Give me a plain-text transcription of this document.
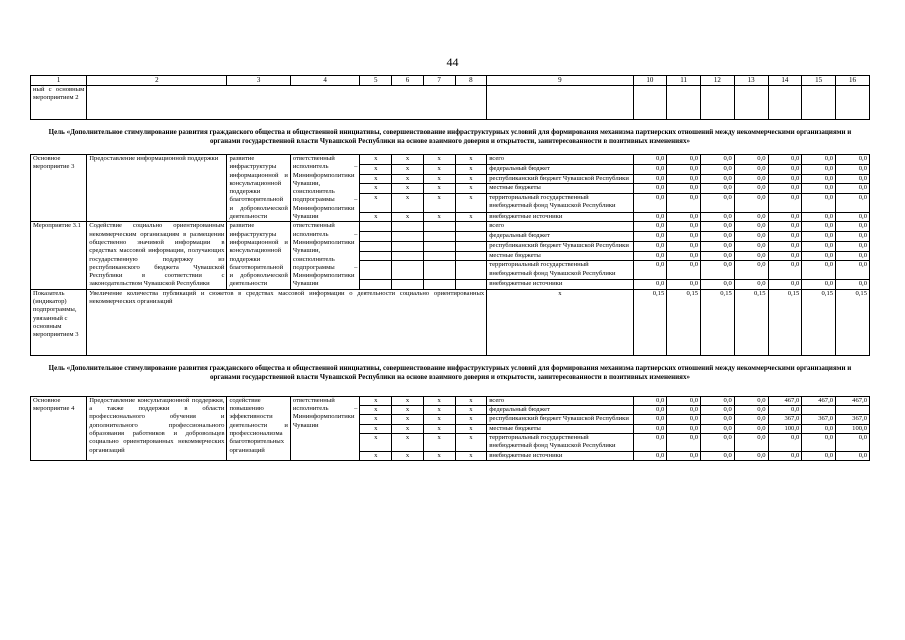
44
1	2	3	4	5	6	7	8	9	10	11	12	13	14	15	16
ный с основным мероприятием 2															
Цель «Дополнительное стимулирование развития гражданского общества и общественной инициативы, совершенствование инфраструктурных условий для формирования механизма партнерских отношений между некоммерческими организациями и органами государственной власти Чувашской Республики на основе взаимного доверия и открытости, заинтересованности в позитивных изменениях»															
Основное мероприятие 3	Предоставление информационной поддержки	развитие инфраструктуры информационной и консультационной поддержки благотворительной и добровольческой деятельности	ответственный исполнитель – Мининформполитики Чувашии, соисполнитель подпрограммы – Мининформполитики Чувашии	x	x	x	x	всего	0,0	0,0	0,0	0,0	0,0	0,0	0,0
				x	x	x	x	федеральный бюджет	0,0	0,0	0,0	0,0	0,0	0,0	0,0
				x	x	x	x	республиканский бюджет Чувашской Республики	0,0	0,0	0,0	0,0	0,0	0,0	0,0
				x	x	x	x	местные бюджеты	0,0	0,0	0,0	0,0	0,0	0,0	0,0
				x	x	x	x	территориальный государственный внебюджетный фонд Чувашской Республики	0,0	0,0	0,0	0,0	0,0	0,0	0,0
				x	x	x	x	внебюджетные источники	0,0	0,0	0,0	0,0	0,0	0,0	0,0
Мероприятие 3.1	Содействие социально ориентированным некоммерческим организациям в размещении общественно значимой информации в средствах массовой информации, получающих государственную поддержку из республиканского бюджета Чувашской Республики в соответствии с законодательством Чувашской Республики	развитие инфраструктуры информационной и консультационной поддержки благотворительной и добровольческой деятельности	ответственный исполнитель – Мининформполитики Чувашии, соисполнитель подпрограммы – Мининформполитики Чувашии					всего	0,0	0,0	0,0	0,0	0,0	0,0	0,0
								федеральный бюджет	0,0	0,0	0,0	0,0	0,0	0,0	0,0
								республиканский бюджет Чувашской Республики	0,0	0,0	0,0	0,0	0,0	0,0	0,0
								местные бюджеты	0,0	0,0	0,0	0,0	0,0	0,0	0,0
								территориальный государственный внебюджетный фонд Чувашской Республики	0,0	0,0	0,0	0,0	0,0	0,0	0,0
								внебюджетные источники	0,0	0,0	0,0	0,0	0,0	0,0	0,0
Показатель (индикатор) подпрограммы, увязанный с основным мероприятием 3	Увеличение количества публикаций и сюжетов в средствах массовой информации о деятельности социально ориентированных некоммерческих организаций							x	0,15	0,15	0,15	0,15	0,15	0,15	0,15
Цель «Дополнительное стимулирование развития гражданского общества и общественной инициативы, совершенствование инфраструктурных условий для формирования механизма партнерских отношений между некоммерческими организациями и органами государственной власти Чувашской Республики на основе взаимного доверия и открытости, заинтересованности в позитивных изменениях»															

Основное мероприятие 4	Предоставление консультационной поддержки, а также поддержки в области профессионального обучения и дополнительного профессионального образования работников и добровольцев социально ориентированных некоммерческих организаций	содействие повышению эффективности деятельности и профессионализма благотворительных организаций	ответственный исполнитель – Мининформполитики Чувашии	x	x	x	x	всего	0,0	0,0	0,0	0,0	467,0	467,0	467,0
				x	x	x	x	федеральный бюджет	0,0	0,0	0,0	0,0	0,0		
				x	x	x	x	республиканский бюджет Чувашской Республики	0,0	0,0	0,0	0,0	367,0	367,0	367,0
				x	x	x	x	местные бюджеты	0,0	0,0	0,0	0,0	100,0	0,0	100,0
				x	x	x	x	территориальный государственный внебюджетный фонд Чувашской Республики	0,0	0,0	0,0	0,0	0,0	0,0	0,0
				x	x	x	x	внебюджетные источники	0,0	0,0	0,0	0,0	0,0	0,0	0,0
